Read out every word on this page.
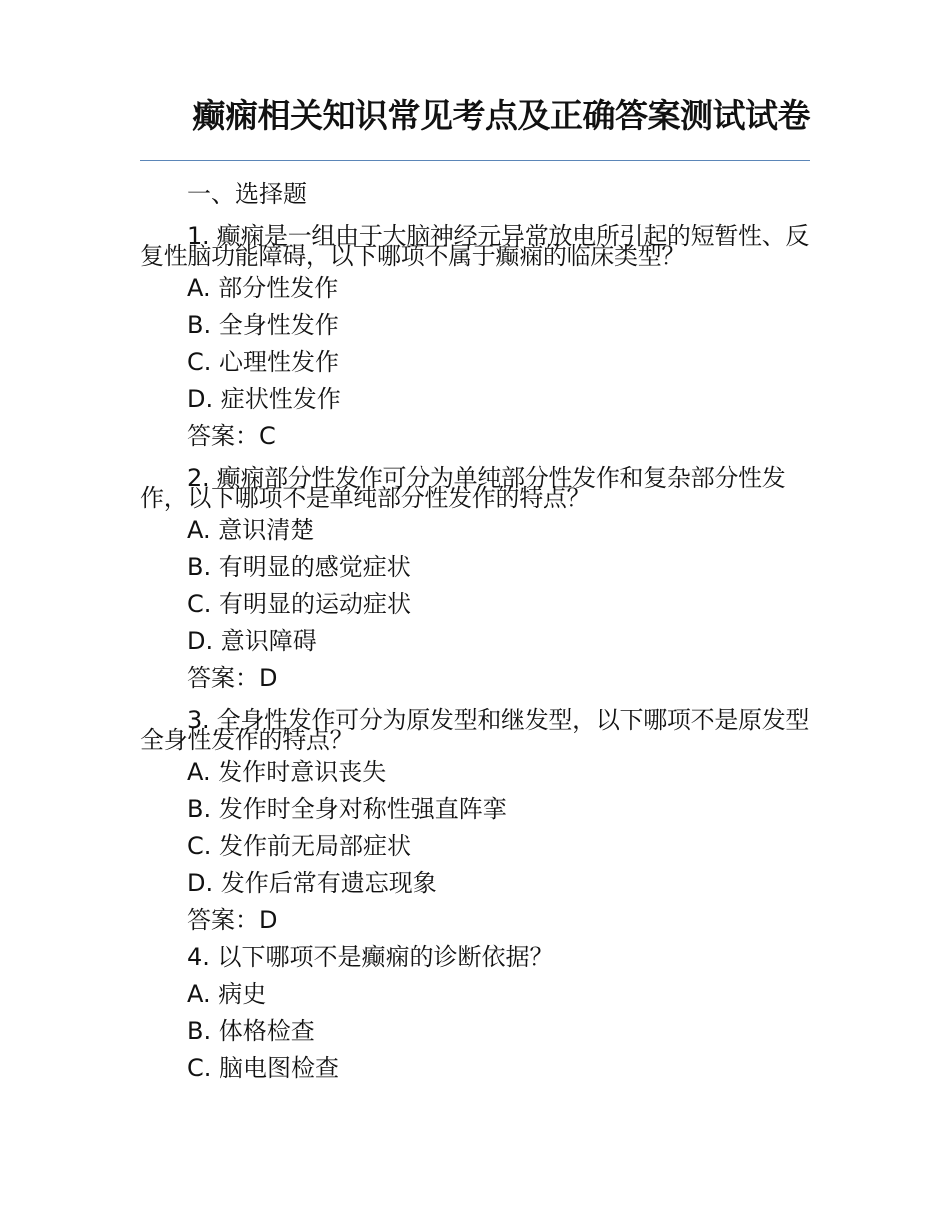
癫痫相关知识常见考点及正确答案测试试卷

一、选择题

1. 癫痫是一组由于大脑神经元异常放电所引起的短暂性、反复性脑功能障碍，以下哪项不属于癫痫的临床类型？

A. 部分性发作

B. 全身性发作

C. 心理性发作

D. 症状性发作

答案：C

2. 癫痫部分性发作可分为单纯部分性发作和复杂部分性发作，以下哪项不是单纯部分性发作的特点？

A. 意识清楚

B. 有明显的感觉症状

C. 有明显的运动症状

D. 意识障碍

答案：D

3. 全身性发作可分为原发型和继发型，以下哪项不是原发型全身性发作的特点？

A. 发作时意识丧失

B. 发作时全身对称性强直阵挛

C. 发作前无局部症状

D. 发作后常有遗忘现象

答案：D

4. 以下哪项不是癫痫的诊断依据？

A. 病史

B. 体格检查

C. 脑电图检查
